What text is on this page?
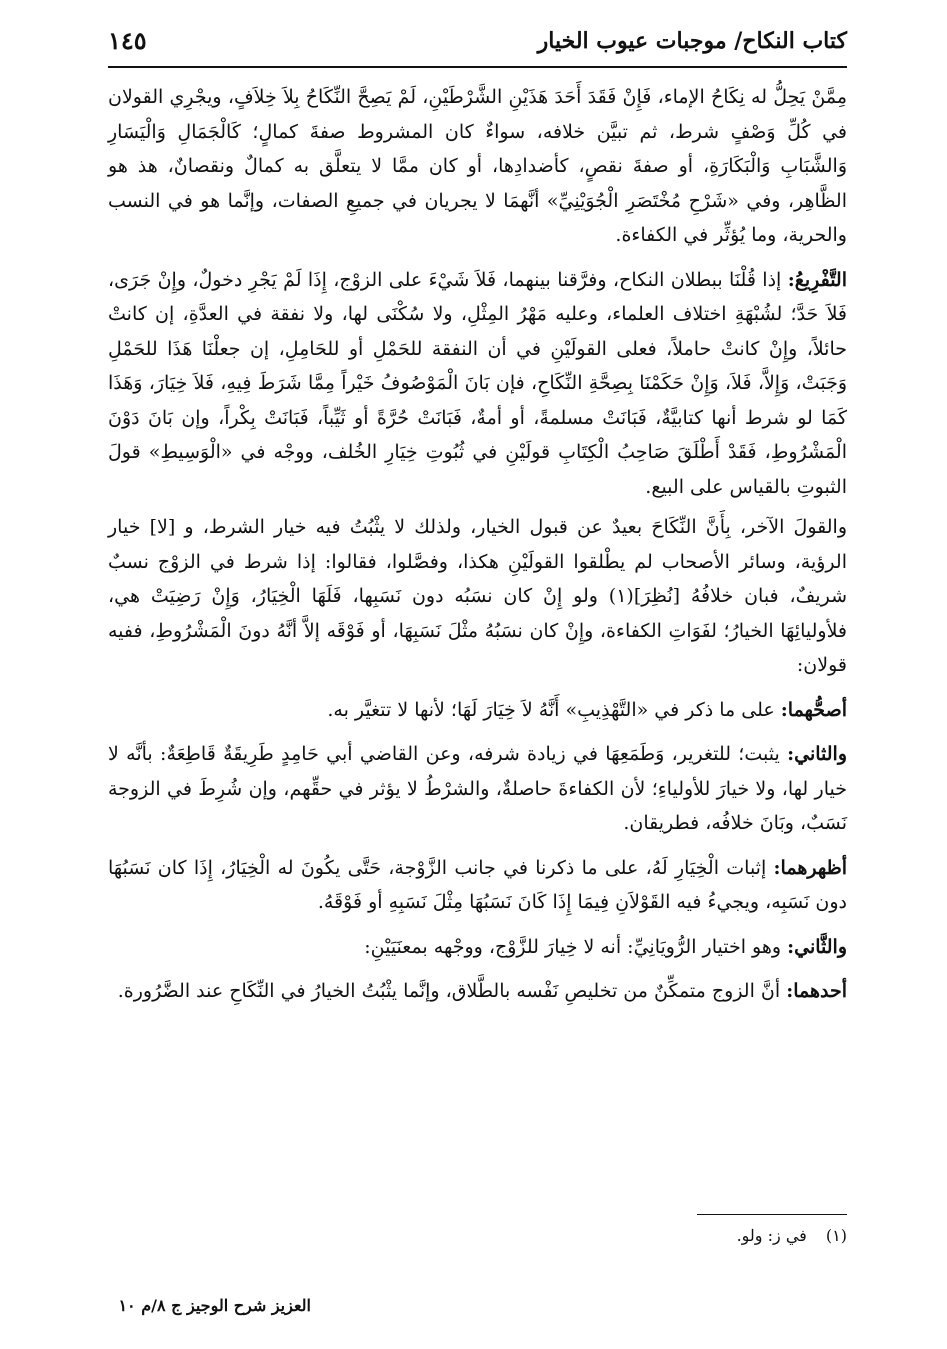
كتاب النكاح/ موجبات عيوب الخيار
١٤٥

مِمَّنْ يَحِلُّ له نِكَاحُ الإماء، فَإِنْ فَقَدَ أَحَدَ هَذَيْنِ الشَّرْطَيْنِ، لَمْ يَصِحَّ النِّكَاحُ بِلاَ خِلاَفٍ، ويجْرِي القولان في كُلِّ وَصْفٍ شرط، ثم تبيَّن خلافه، سواءٌ كان المشروط صفةَ كمالٍ؛ كَالْجَمَالِ وَالْيَسَارِ وَالشَّبَابِ وَالْبَكَارَةِ، أو صفةَ نقصٍ، كأضدادِها، أو كان ممَّا لا يتعلَّق به كمالٌ ونقصانٌ، هذ هو الظَّاهِر، وفي «شَرْحِ مُخْتَصَرِ الْجُوَيْنِيِّ» أنَّهمَا لا يجريان في جميعِ الصفات، وإنَّما هو في النسب والحرية، وما يُؤثِّر في الكفاءة.

التَّفْرِيعُ: إذا قُلْنَا ببطلان النكاح، وفرَّقنا بينهما، فَلاَ شَيْءَ على الزوْج، إِذَا لَمْ يَجْرِ دخولٌ، وإِنْ جَرَى، فَلاَ حَدَّ؛ لشُبْهَةِ اختلاف العلماء، وعليه مَهْرُ المِثْلِ، ولا سُكْنَى لها، ولا نفقة في العدَّةِ، إن كانتْ حائلاً، وإِنْ كانتْ حاملاً، فعلى القولَيْنِ في أن النفقة للحَمْلِ أو للحَامِلِ، إن جعلْنَا هَذَا للحَمْلِ وَجَبَتْ، وَإِلاَّ، فَلاَ، وَإِنْ حَكَمْنَا بِصِحَّةِ النِّكَاحِ، فإن بَانَ الْمَوْصُوفُ خَيْراً مِمَّا شَرَطَ فِيهِ، فَلاَ خِيَارَ، وَهَذَا كَمَا لو شرط أنها كتابيَّةٌ، فَبَانَتْ مسلمةً، أو أمةٌ، فَبَانَتْ حُرَّةً أو ثَيِّباً، فَبَانَتْ بِكْراً، وإن بَانَ دَوْنَ الْمَشْرُوطِ، فَقَدْ أَطْلَقَ صَاحِبُ الْكِتَابِ قولَيْنِ في ثُبُوتِ خِيَارِ الخُلف، ووجْه في «الْوَسِيطِ» قولَ الثبوتِ بالقياس على البيع.

والقولَ الآخر، بِأَنَّ النِّكَاحَ بعيدٌ عن قبول الخيار، ولذلك لا يثْبُتُ فيه خيار الشرط، و [لا] خيار الرؤية، وسائر الأصحاب لم يطْلقوا القولَيْنِ هكذا، وفصَّلوا، فقالوا: إذا شرط في الزوْج نسبٌ شريفٌ، فبان خلافُهُ [نُظِرَ](١) ولو إِنْ كان نسَبُه دون نَسَبِها، فَلَهَا الْخِيَارُ، وَإِنْ رَضِيَتْ هي، فلأوليائِهَا الخيارُ؛ لفَوَاتِ الكفاءة، وإِنْ كان نسَبُهُ مثْلَ نَسَبِهَا، أو فَوْقَه إلاَّ أنَّهُ دونَ الْمَشْرُوطِ، ففيه قولان:

أصحُّهما: على ما ذكر في «التَّهْذِيبِ» أَنَّهُ لاَ خِيَارَ لَهَا؛ لأنها لا تتغيَّر به.

والثاني: يثبت؛ للتغرير، وَطَمَعِهَا في زيادة شرفه، وعن القاضي أبي حَامِدٍ طَرِيقَةٌ قَاطِعَةٌ: بأنَّه لا خيار لها، ولا خيارَ للأولياءِ؛ لأن الكفاءةَ حاصلةٌ، والشرْطُ لا يؤثر في حقِّهم، وإن شُرِطَ في الزوجة نَسَبٌ، وبَانَ خلافُه، فطريقان.

أظهرهما: إثبات الْخِيَارِ لَهُ، على ما ذكرنا في جانب الزَّوْجة، حَتَّى يكُونَ له الْخِيَارُ، إِذَا كان نَسَبُهَا دون نَسَبِه، ويجيءُ فيه القَوْلاَنِ فِيمَا إِذَا كَانَ نَسَبُهَا مِثْلَ نَسَبِهِ أو فَوْقَهُ.

والثَّاني: وهو اختيار الرُّويَانِيِّ: أنه لا خِيارَ للزَّوْج، ووجْهه بمعنَيَيْنِ:

أحدهما: أنَّ الزوج متمكِّنٌ من تخليصِ نَفْسه بالطَّلاق، وإنَّما يثْبُتُ الخيارُ في النِّكَاحِ عند الضَّرُورة.

(١) في ز: ولو.
العزيز شرح الوجيز ج ٨/م ١٠
